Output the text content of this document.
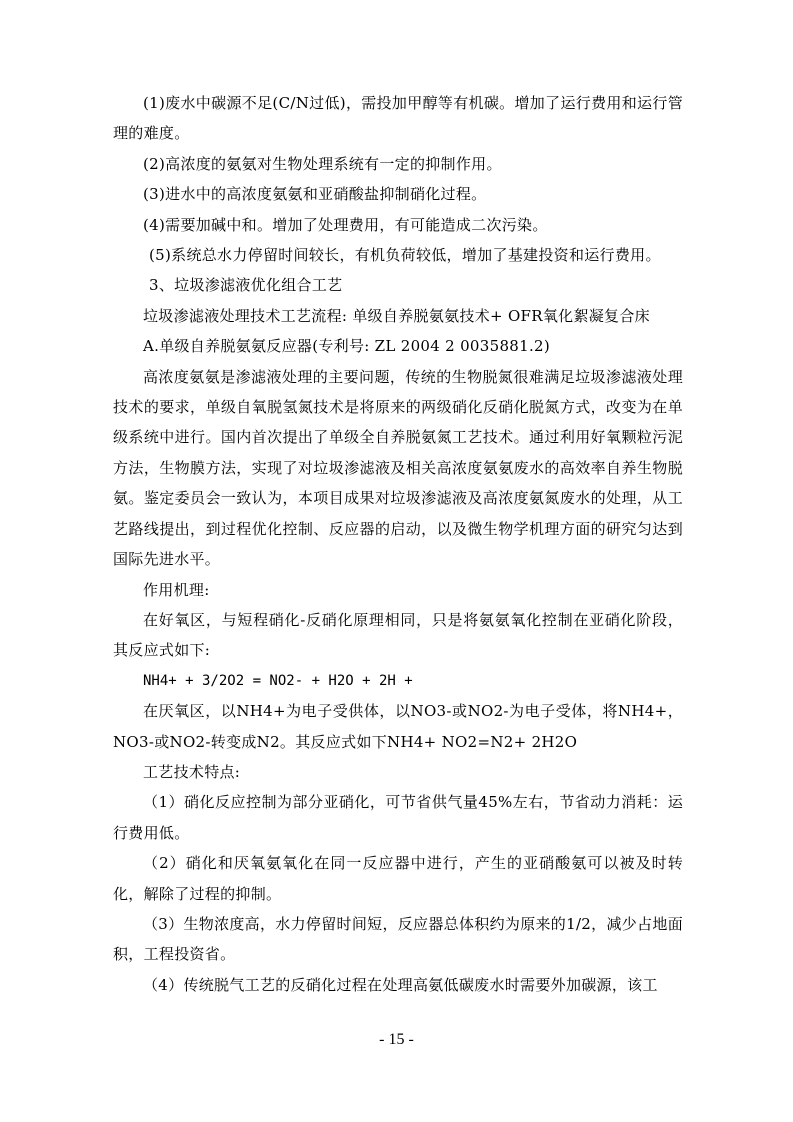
(1)废水中碳源不足(C/N过低)，需投加甲醇等有机碳。增加了运行费用和运行管理的难度。

(2)高浓度的氨氨对生物处理系统有一定的抑制作用。

(3)进水中的高浓度氨氨和亚硝酸盐抑制硝化过程。

(4)需要加碱中和。增加了处理费用，有可能造成二次污染。

(5)系统总水力停留时间较长，有机负荷较低，增加了基建投资和运行费用。

3、垃圾渗滤液优化组合工艺

垃圾渗滤液处理技术工艺流程: 单级自养脱氨氨技术+ OFR氧化絮凝复合床

A.单级自养脱氨氨反应器(专利号: ZL 2004 2 0035881.2)

高浓度氨氨是渗滤液处理的主要问题，传统的生物脱氮很难满足垃圾渗滤液处理技术的要求，单级自氧脱氢氮技术是将原来的两级硝化反硝化脱氮方式，改变为在单级系统中进行。国内首次提出了单级全自养脱氨氮工艺技术。通过利用好氧颗粒污泥方法，生物膜方法，实现了对垃圾渗滤液及相关高浓度氨氨废水的高效率自养生物脱氨。鉴定委员会一致认为，本项目成果对垃圾渗滤液及高浓度氨氮废水的处理，从工艺路线提出，到过程优化控制、反应器的启动，以及微生物学机理方面的研究匀达到国际先进水平。

作用机理:

在好氧区，与短程硝化-反硝化原理相同，只是将氨氨氧化控制在亚硝化阶段，其反应式如下:

NH4+ + 3/2O2 = NO2- + H2O + 2H +

在厌氧区，以NH4+为电子受供体，以NO3-或NO2-为电子受体，将NH4+，NO3-或NO2-转变成N2。其反应式如下NH4+ NO2=N2+ 2H2O

工艺技术特点:

（1）硝化反应控制为部分亚硝化，可节省供气量45%左右，节省动力消耗：运行费用低。

（2）硝化和厌氧氨氧化在同一反应器中进行，产生的亚硝酸氨可以被及时转化，解除了过程的抑制。

（3）生物浓度高，水力停留时间短，反应器总体积约为原来的1/2，减少占地面积，工程投资省。

（4）传统脱气工艺的反硝化过程在处理高氨低碳废水时需要外加碳源，该工

- 15 -
